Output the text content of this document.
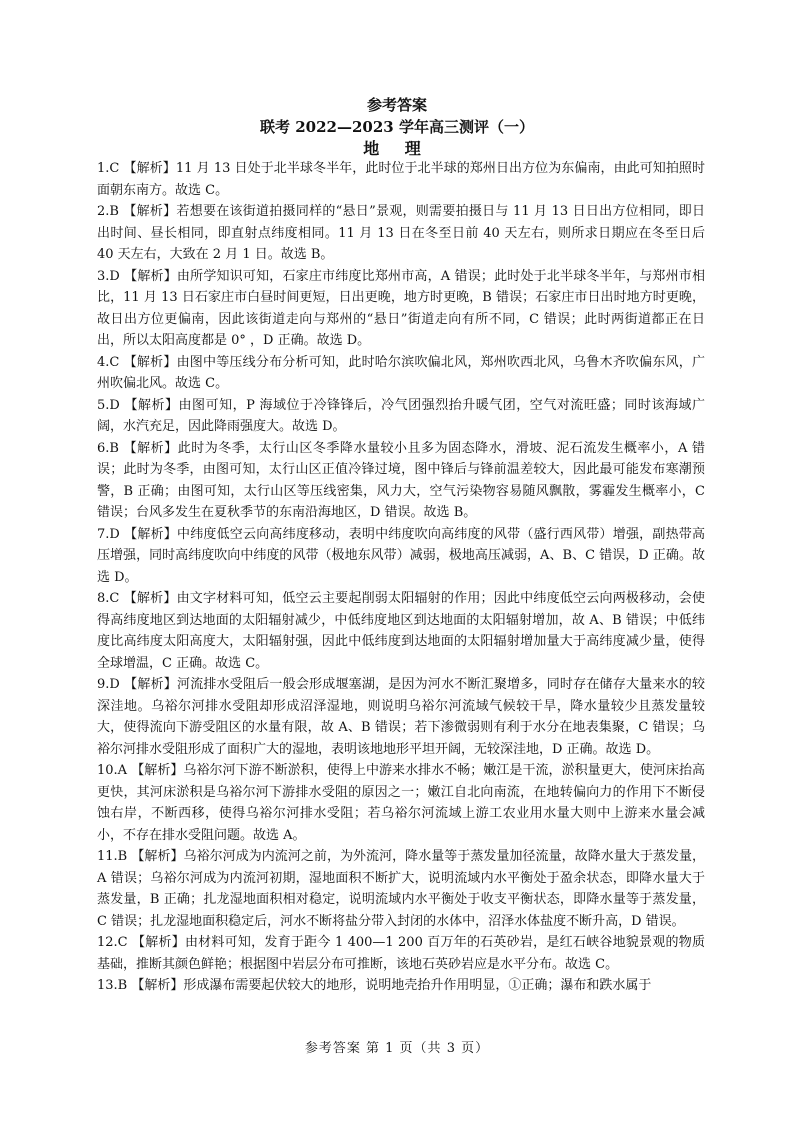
参考答案
联考 2022—2023 学年高三测评（一）
地 理

1.C 【解析】11 月 13 日处于北半球冬半年，此时位于北半球的郑州日出方位为东偏南，由此可知拍照时面朝东南方。故选 C。

2.B 【解析】若想要在该街道拍摄同样的“悬日”景观，则需要拍摄日与 11 月 13 日日出方位相同，即日出时间、昼长相同，即直射点纬度相同。11 月 13 日在冬至日前 40 天左右，则所求日期应在冬至日后 40 天左右，大致在 2 月 1 日。故选 B。

3.D 【解析】由所学知识可知，石家庄市纬度比郑州市高，A 错误；此时处于北半球冬半年，与郑州市相比，11 月 13 日石家庄市白昼时间更短，日出更晚，地方时更晚，B 错误；石家庄市日出时地方时更晚，故日出方位更偏南，因此该街道走向与郑州的“悬日”街道走向有所不同，C 错误；此时两街道都正在日出，所以太阳高度都是 0° ，D 正确。故选 D。

4.C 【解析】由图中等压线分布分析可知，此时哈尔滨吹偏北风，郑州吹西北风，乌鲁木齐吹偏东风，广州吹偏北风。故选 C。

5.D 【解析】由图可知，P 海域位于冷锋锋后，冷气团强烈抬升暖气团，空气对流旺盛；同时该海域广阔，水汽充足，因此降雨强度大。故选 D。

6.B 【解析】此时为冬季，太行山区冬季降水量较小且多为固态降水，滑坡、泥石流发生概率小，A 错误；此时为冬季，由图可知，太行山区正值冷锋过境，图中锋后与锋前温差较大，因此最可能发布寒潮预警，B 正确；由图可知，太行山区等压线密集，风力大，空气污染物容易随风飘散，雾霾发生概率小，C 错误；台风多发生在夏秋季节的东南沿海地区，D 错误。故选 B。

7.D 【解析】中纬度低空云向高纬度移动，表明中纬度吹向高纬度的风带（盛行西风带）增强，副热带高压增强，同时高纬度吹向中纬度的风带（极地东风带）减弱，极地高压减弱，A、B、C 错误，D 正确。故选 D。

8.C 【解析】由文字材料可知，低空云主要起削弱太阳辐射的作用；因此中纬度低空云向两极移动，会使得高纬度地区到达地面的太阳辐射减少，中低纬度地区到达地面的太阳辐射增加，故 A、B 错误；中低纬度比高纬度太阳高度大，太阳辐射强，因此中低纬度到达地面的太阳辐射增加量大于高纬度减少量，使得全球增温，C 正确。故选 C。

9.D 【解析】河流排水受阻后一般会形成堰塞湖，是因为河水不断汇聚增多，同时存在储存大量来水的较深洼地。乌裕尔河排水受阻却形成沼泽湿地，则说明乌裕尔河流域气候较干旱，降水量较少且蒸发量较大，使得流向下游受阻区的水量有限，故 A、B 错误；若下渗微弱则有利于水分在地表集聚，C 错误；乌裕尔河排水受阻形成了面积广大的湿地，表明该地地形平坦开阔，无较深洼地，D 正确。故选 D。

10.A 【解析】乌裕尔河下游不断淤积，使得上中游来水排水不畅；嫩江是干流，淤积量更大，使河床抬高更快，其河床淤积是乌裕尔河下游排水受阻的原因之一；嫩江自北向南流，在地转偏向力的作用下不断侵蚀右岸，不断西移，使得乌裕尔河排水受阻；若乌裕尔河流域上游工农业用水量大则中上游来水量会减小，不存在排水受阻问题。故选 A。

11.B 【解析】乌裕尔河成为内流河之前，为外流河，降水量等于蒸发量加径流量，故降水量大于蒸发量，A 错误；乌裕尔河成为内流河初期，湿地面积不断扩大，说明流域内水平衡处于盈余状态，即降水量大于蒸发量，B 正确；扎龙湿地面积相对稳定，说明流域内水平衡处于收支平衡状态，即降水量等于蒸发量，C 错误；扎龙湿地面积稳定后，河水不断将盐分带入封闭的水体中，沼泽水体盐度不断升高，D 错误。

12.C 【解析】由材料可知，发育于距今 1 400—1 200 百万年的石英砂岩，是红石峡谷地貌景观的物质基础，推断其颜色鲜艳；根据图中岩层分布可推断，该地石英砂岩应是水平分布。故选 C。

13.B 【解析】形成瀑布需要起伏较大的地形，说明地壳抬升作用明显，①正确；瀑布和跌水属于

参考答案 第 1 页（共 3 页）
